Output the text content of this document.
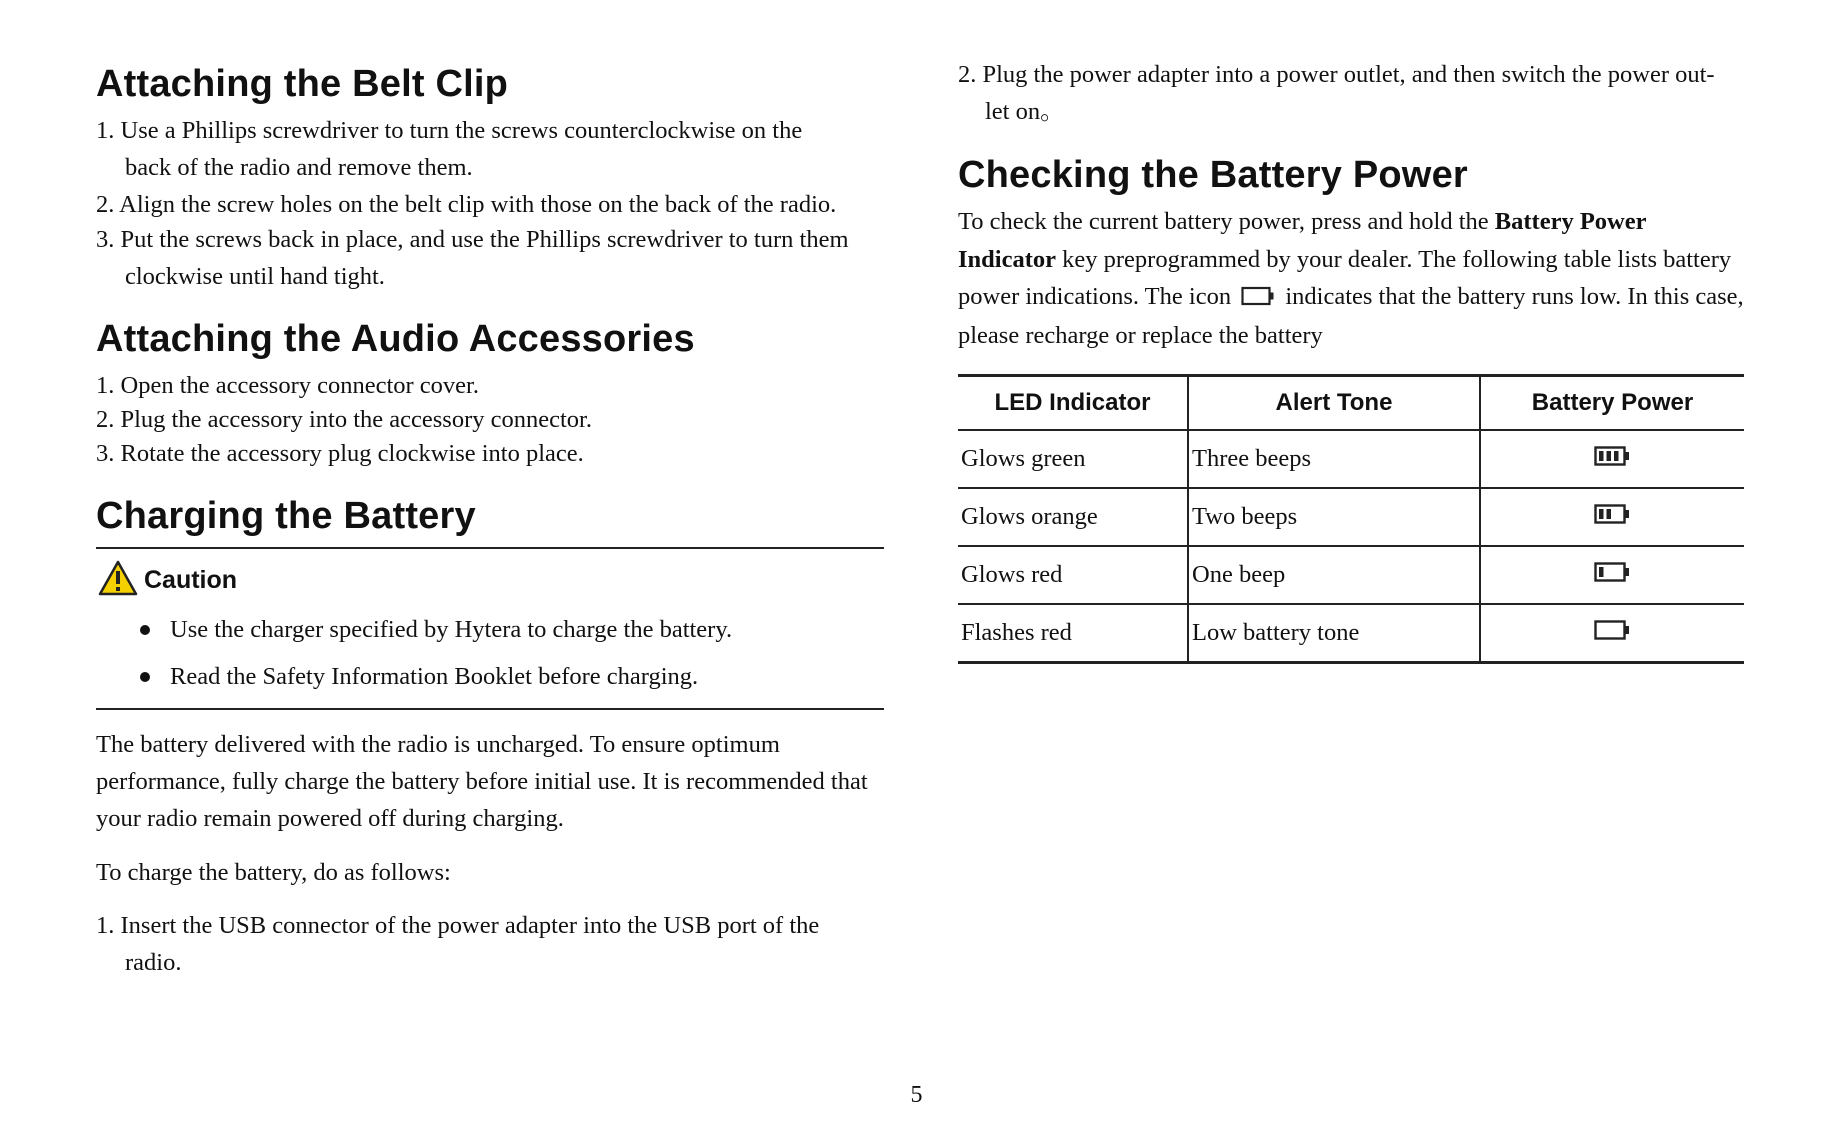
Attaching the Belt Clip
1. Use a Phillips screwdriver to turn the screws counterclockwise on the
back of the radio and remove them.
2. Align the screw holes on the belt clip with those on the back of the radio.
3. Put the screws back in place, and use the Phillips screwdriver to turn them
clockwise until hand tight.
Attaching the Audio Accessories
1. Open the accessory connector cover.
2. Plug the accessory into the accessory connector.
3. Rotate the accessory plug clockwise into place.
Charging the Battery
Caution
Use the charger specified by Hytera to charge the battery.
Read the Safety Information Booklet before charging.
The battery delivered with the radio is uncharged. To ensure optimum performance, fully charge the battery before initial use. It is recommended that your radio remain powered off during charging.
To charge the battery, do as follows:
1. Insert the USB connector of the power adapter into the USB port of the
radio.
2. Plug the power adapter into a power outlet, and then switch the power out-
let on。
Checking the Battery Power
To check the current battery power, press and hold the Battery Power Indicator key preprogrammed by your dealer. The following table lists battery power indications. The icon  indicates that the battery runs low. In this case, please recharge or replace the battery
LED Indicator	Alert Tone	Battery Power
Glows green	Three beeps	
Glows orange	Two beeps	
Glows red	One beep	
Flashes red	Low battery tone	
5
